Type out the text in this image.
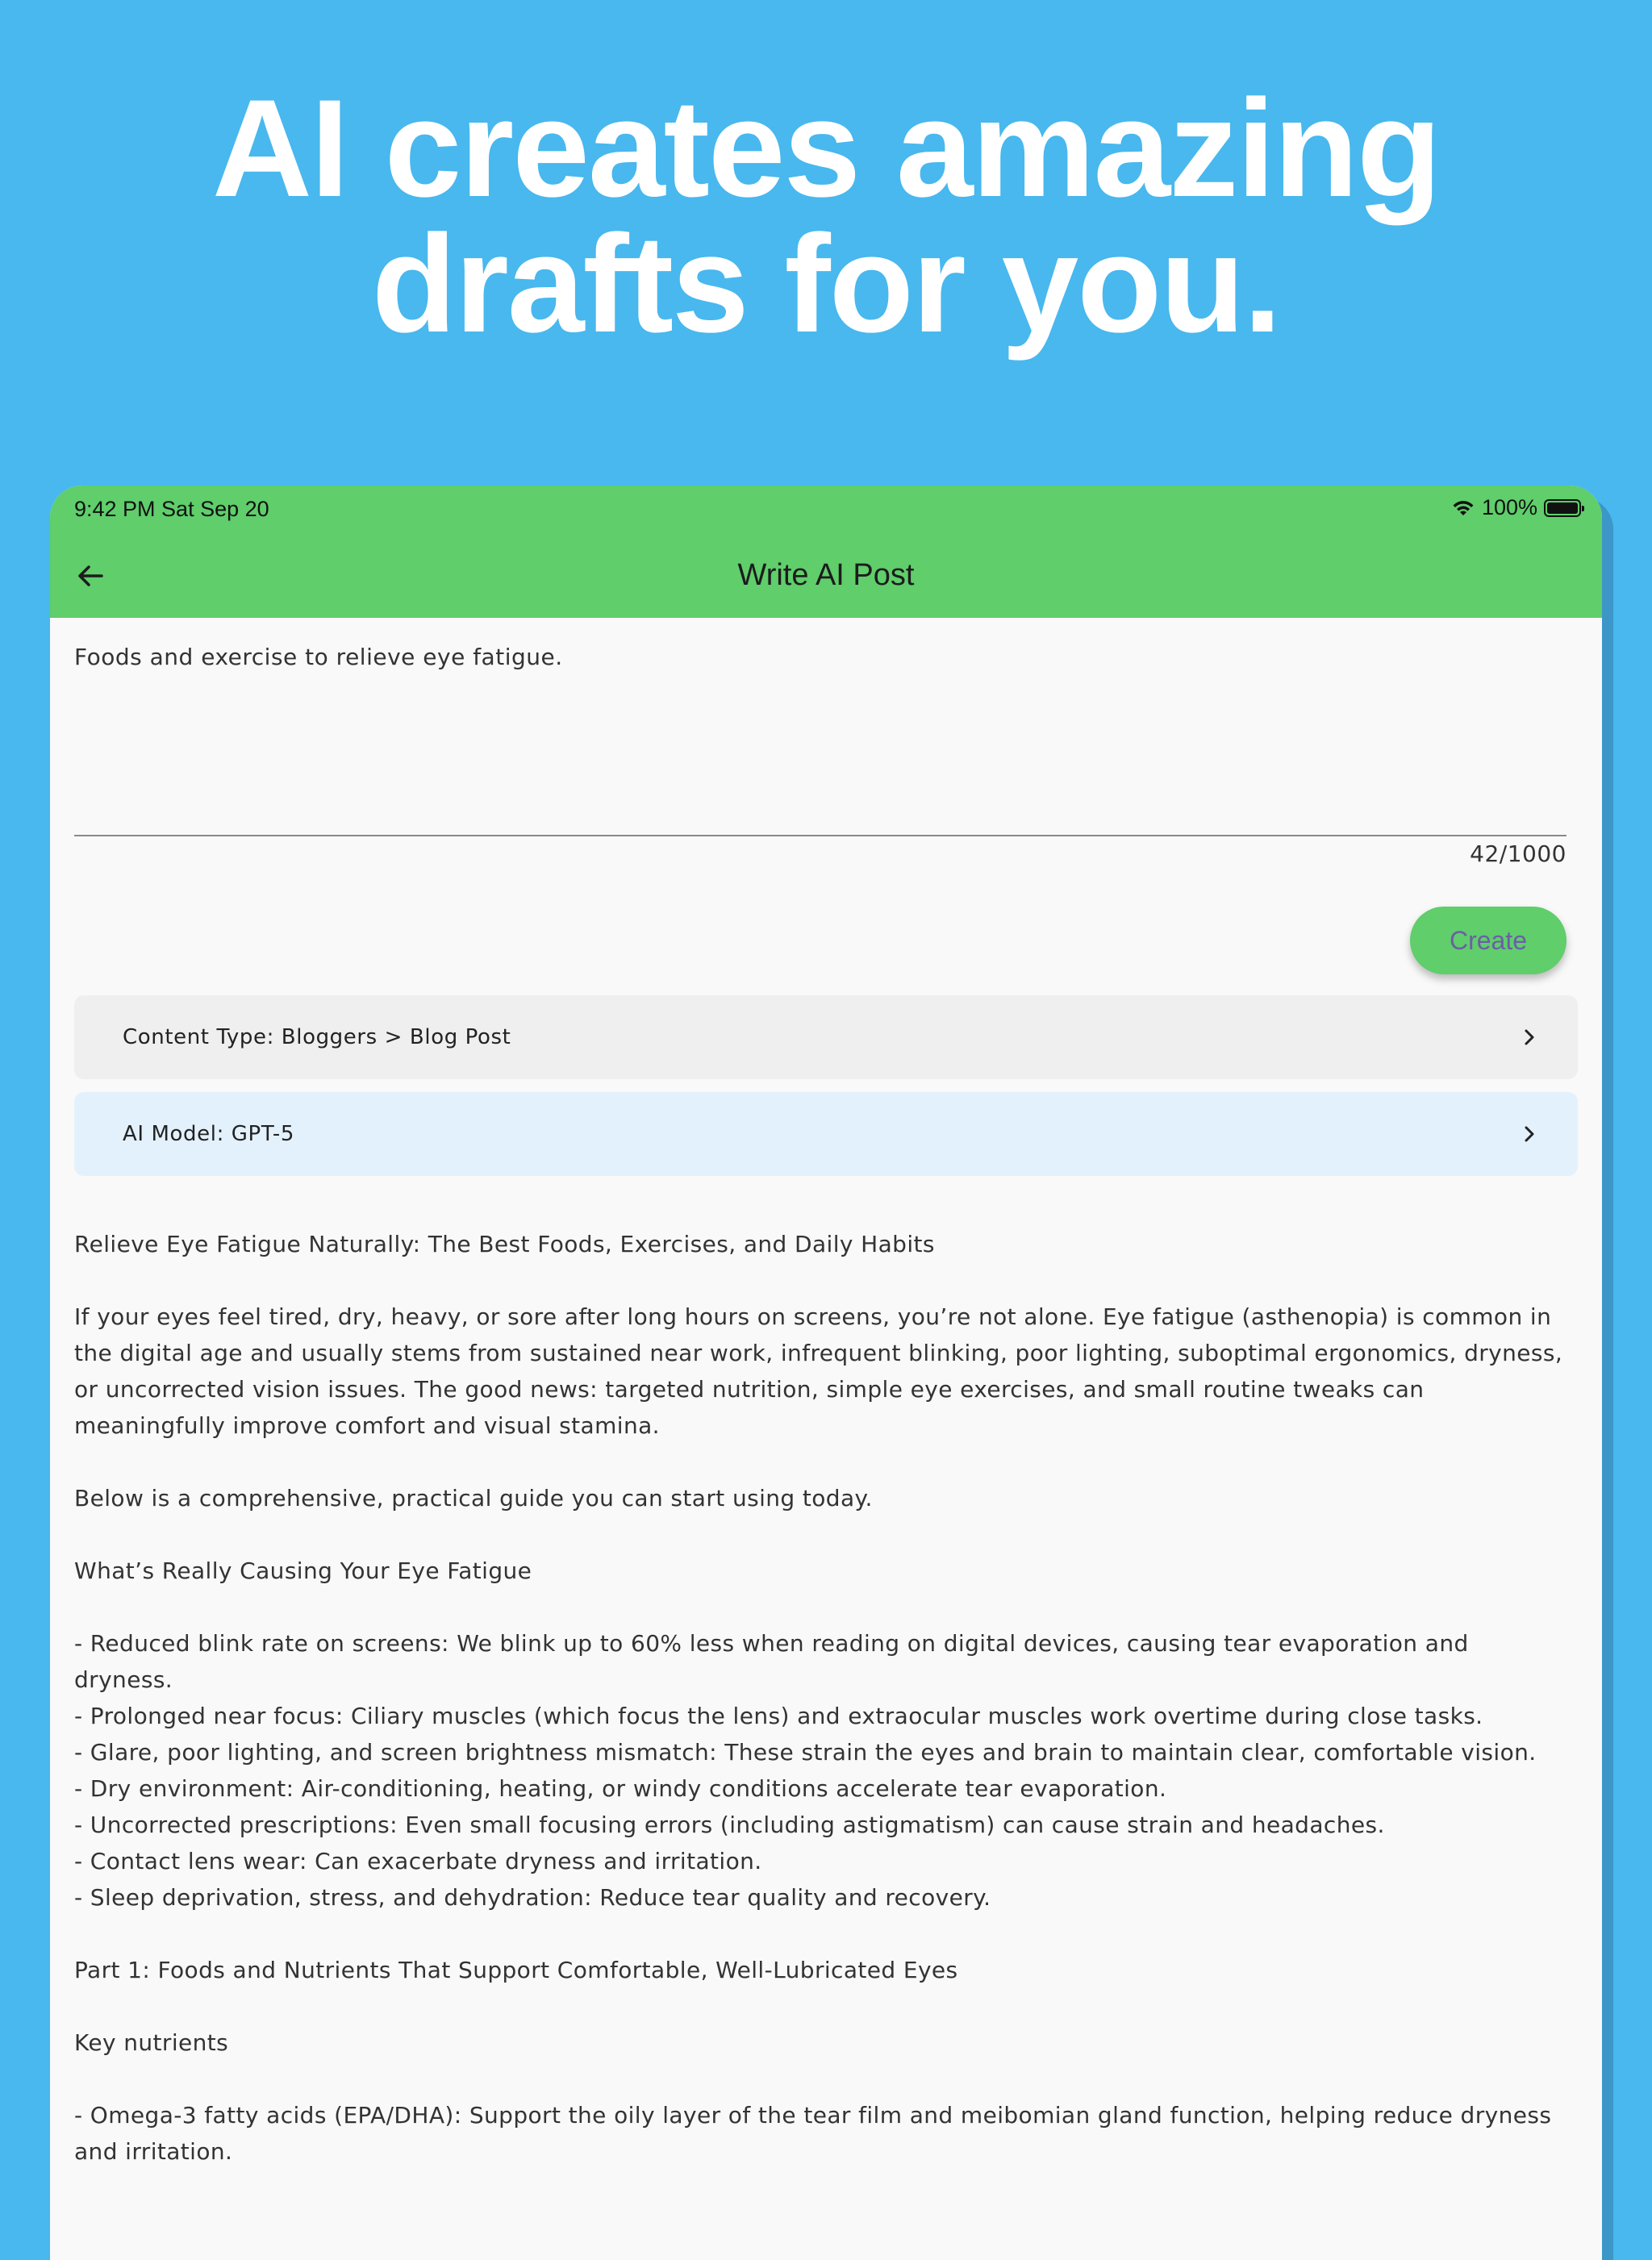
AI creates amazing
drafts for you.
9:42 PM Sat Sep 20	100%
Write AI Post
Foods and exercise to relieve eye fatigue.
42/1000
Create
Content Type: Bloggers > Blog Post
AI Model: GPT-5

Relieve Eye Fatigue Naturally: The Best Foods, Exercises, and Daily Habits

If your eyes feel tired, dry, heavy, or sore after long hours on screens, you’re not alone. Eye fatigue (asthenopia) is common in the digital age and usually stems from sustained near work, infrequent blinking, poor lighting, suboptimal ergonomics, dryness, or uncorrected vision issues. The good news: targeted nutrition, simple eye exercises, and small routine tweaks can meaningfully improve comfort and visual stamina.

Below is a comprehensive, practical guide you can start using today.

What’s Really Causing Your Eye Fatigue

- Reduced blink rate on screens: We blink up to 60% less when reading on digital devices, causing tear evaporation and dryness.

- Prolonged near focus: Ciliary muscles (which focus the lens) and extraocular muscles work overtime during close tasks.

- Glare, poor lighting, and screen brightness mismatch: These strain the eyes and brain to maintain clear, comfortable vision.

- Dry environment: Air-conditioning, heating, or windy conditions accelerate tear evaporation.

- Uncorrected prescriptions: Even small focusing errors (including astigmatism) can cause strain and headaches.

- Contact lens wear: Can exacerbate dryness and irritation.

- Sleep deprivation, stress, and dehydration: Reduce tear quality and recovery.

Part 1: Foods and Nutrients That Support Comfortable, Well-Lubricated Eyes

Key nutrients

- Omega-3 fatty acids (EPA/DHA): Support the oily layer of the tear film and meibomian gland function, helping reduce dryness and irritation.
